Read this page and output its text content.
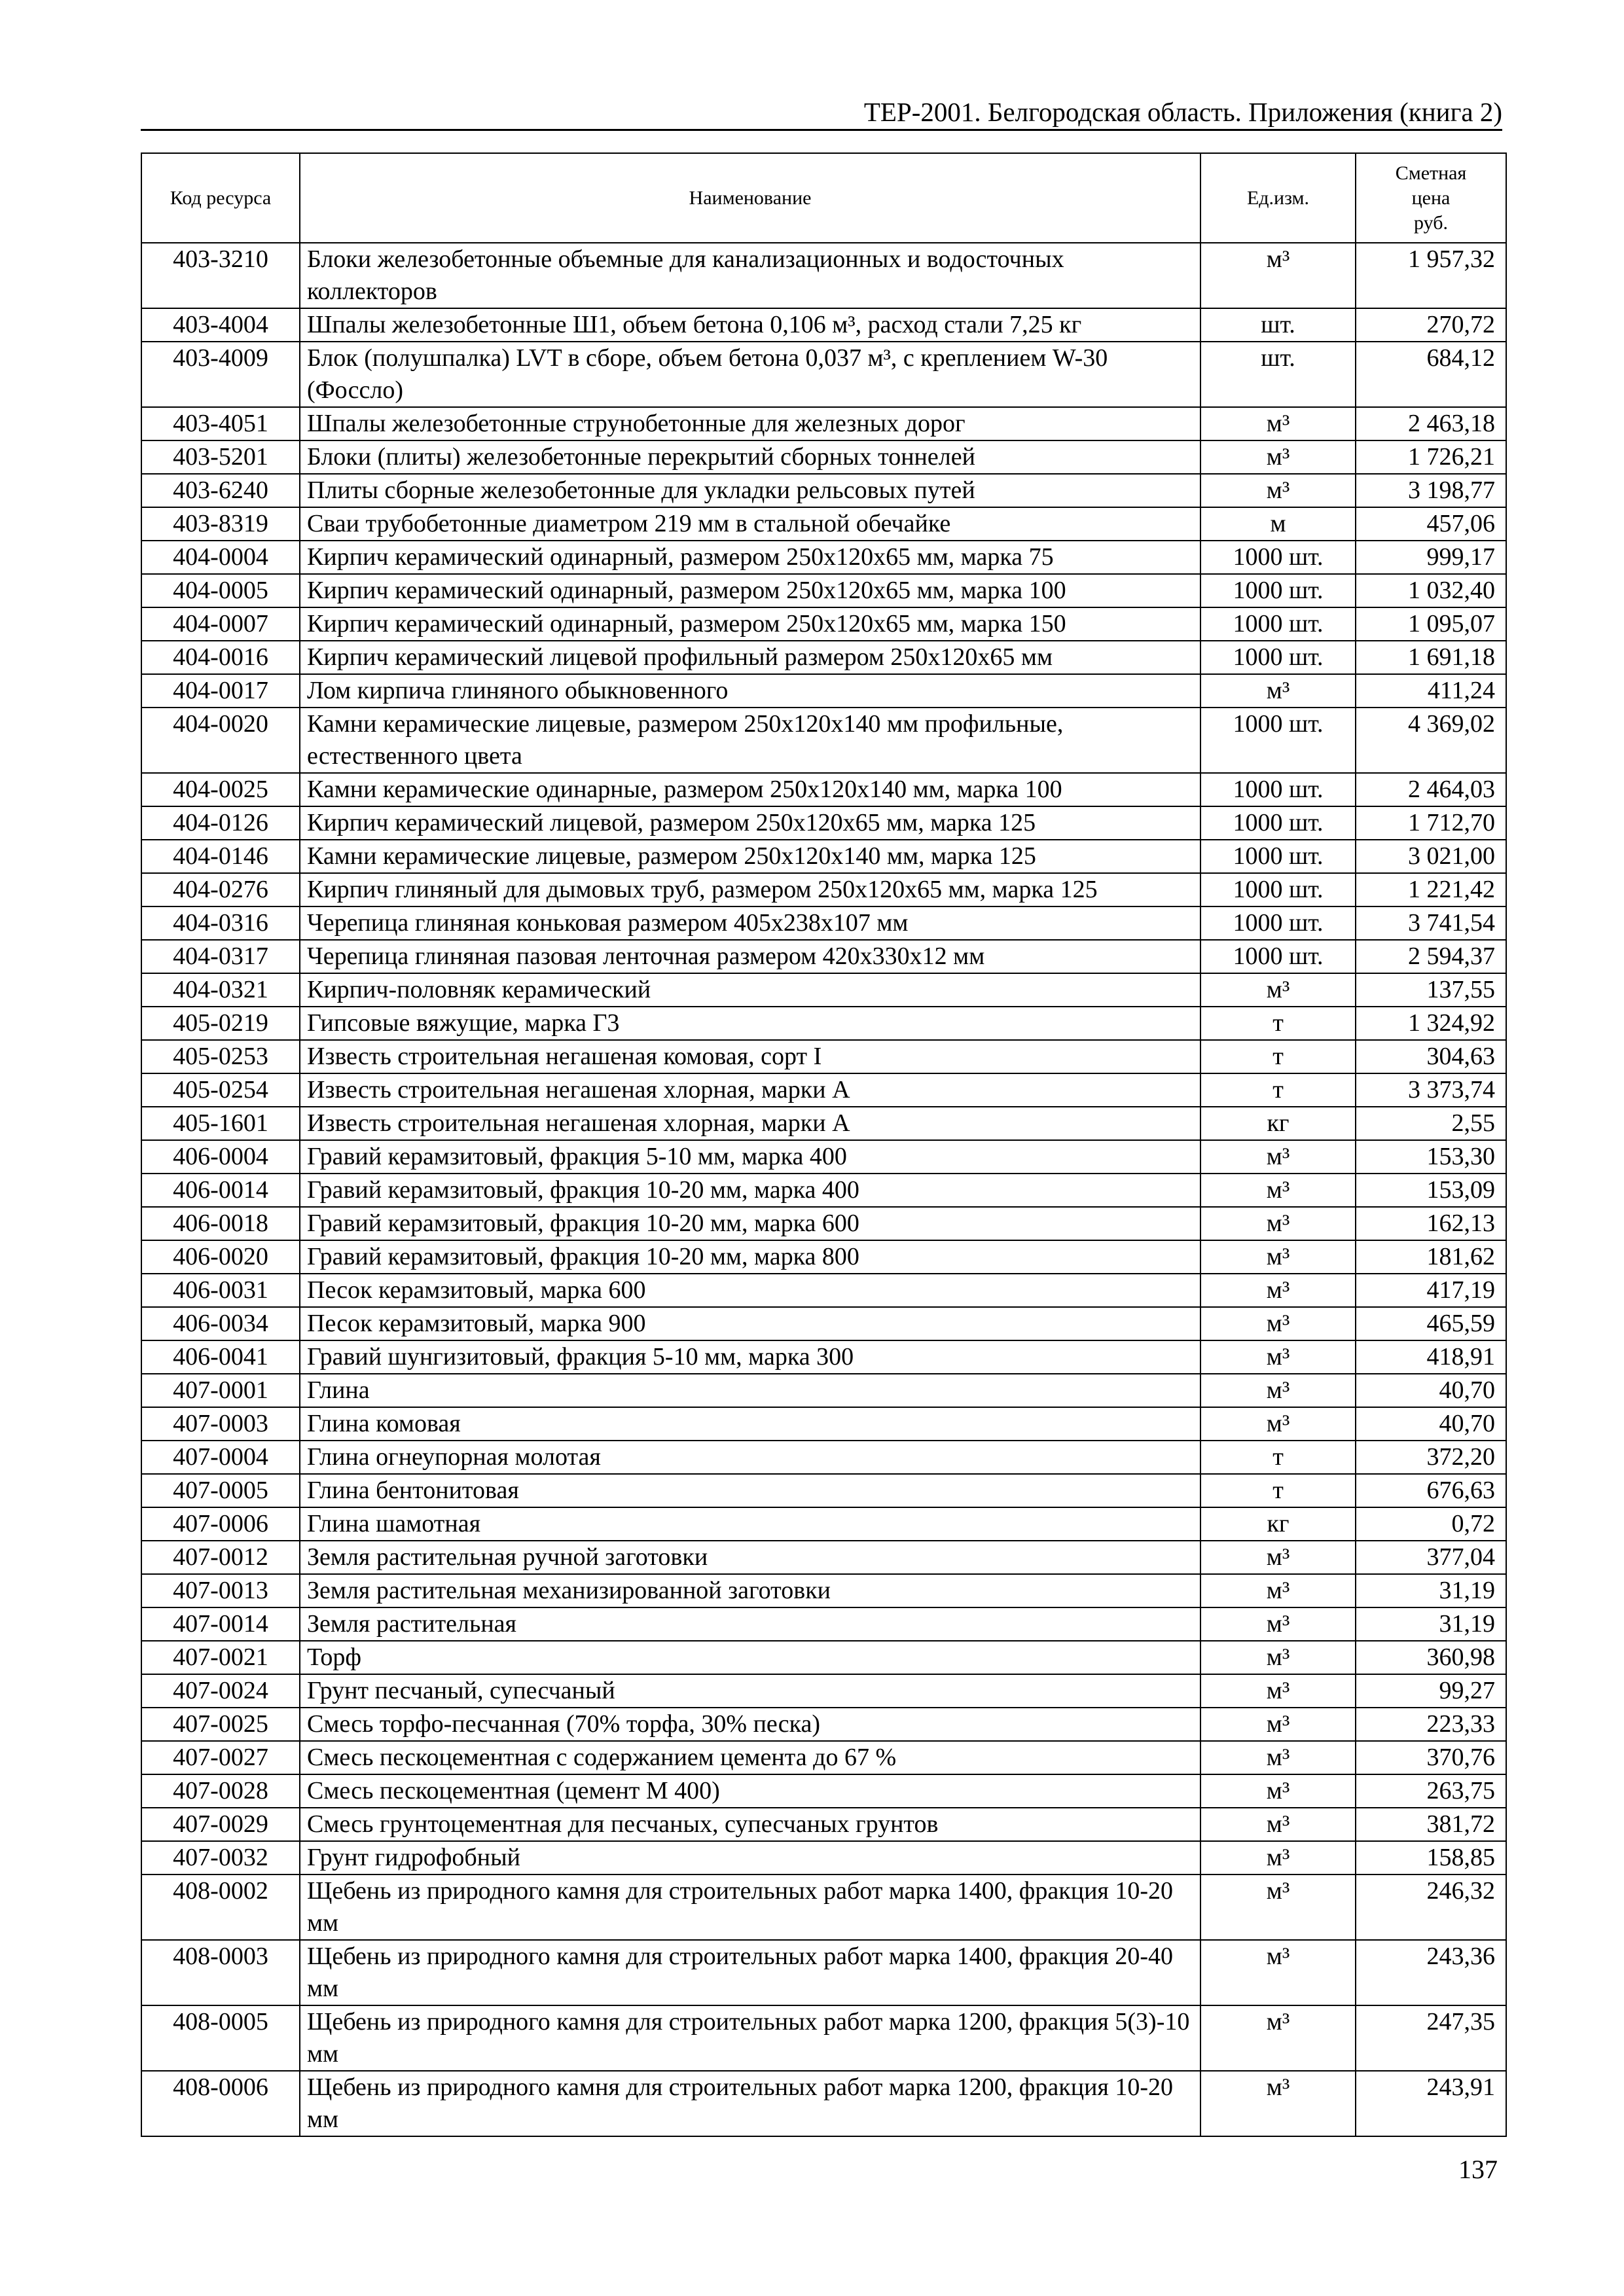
ТЕР-2001. Белгородская область. Приложения (книга 2)
Код ресурса	Наименование	Ед.изм.	Сметная
цена
руб.
403-3210	Блоки железобетонные объемные для канализационных и водосточных коллекторов	м³	1 957,32
403-4004	Шпалы железобетонные Ш1, объем бетона 0,106 м³, расход стали 7,25 кг	шт.	270,72
403-4009	Блок (полушпалка) LVT в сборе, объем бетона 0,037 м³, с креплением W-30 (Фоссло)	шт.	684,12
403-4051	Шпалы железобетонные струнобетонные для железных дорог	м³	2 463,18
403-5201	Блоки (плиты) железобетонные перекрытий сборных тоннелей	м³	1 726,21
403-6240	Плиты сборные железобетонные для укладки рельсовых путей	м³	3 198,77
403-8319	Сваи трубобетонные диаметром 219 мм в стальной обечайке	м	457,06
404-0004	Кирпич керамический одинарный, размером 250х120х65 мм, марка 75	1000 шт.	999,17
404-0005	Кирпич керамический одинарный, размером 250х120х65 мм, марка 100	1000 шт.	1 032,40
404-0007	Кирпич керамический одинарный, размером 250х120х65 мм, марка 150	1000 шт.	1 095,07
404-0016	Кирпич керамический лицевой профильный размером 250х120х65 мм	1000 шт.	1 691,18
404-0017	Лом кирпича глиняного обыкновенного	м³	411,24
404-0020	Камни керамические лицевые, размером 250х120х140 мм профильные, естественного цвета	1000 шт.	4 369,02
404-0025	Камни керамические одинарные, размером 250х120х140 мм, марка 100	1000 шт.	2 464,03
404-0126	Кирпич керамический лицевой, размером 250х120х65 мм, марка 125	1000 шт.	1 712,70
404-0146	Камни керамические лицевые, размером 250х120х140 мм, марка 125	1000 шт.	3 021,00
404-0276	Кирпич глиняный для дымовых труб, размером 250х120х65 мм, марка 125	1000 шт.	1 221,42
404-0316	Черепица глиняная коньковая размером 405х238х107 мм	1000 шт.	3 741,54
404-0317	Черепица глиняная пазовая ленточная размером 420х330х12 мм	1000 шт.	2 594,37
404-0321	Кирпич-половняк керамический	м³	137,55
405-0219	Гипсовые вяжущие, марка Г3	т	1 324,92
405-0253	Известь строительная негашеная комовая, сорт I	т	304,63
405-0254	Известь строительная негашеная хлорная, марки А	т	3 373,74
405-1601	Известь строительная негашеная хлорная, марки А	кг	2,55
406-0004	Гравий керамзитовый, фракция 5-10 мм, марка 400	м³	153,30
406-0014	Гравий керамзитовый, фракция 10-20 мм, марка 400	м³	153,09
406-0018	Гравий керамзитовый, фракция 10-20 мм, марка 600	м³	162,13
406-0020	Гравий керамзитовый, фракция 10-20 мм, марка 800	м³	181,62
406-0031	Песок керамзитовый, марка 600	м³	417,19
406-0034	Песок керамзитовый, марка 900	м³	465,59
406-0041	Гравий шунгизитовый, фракция 5-10 мм, марка 300	м³	418,91
407-0001	Глина	м³	40,70
407-0003	Глина комовая	м³	40,70
407-0004	Глина огнеупорная молотая	т	372,20
407-0005	Глина бентонитовая	т	676,63
407-0006	Глина шамотная	кг	0,72
407-0012	Земля растительная ручной заготовки	м³	377,04
407-0013	Земля растительная механизированной заготовки	м³	31,19
407-0014	Земля растительная	м³	31,19
407-0021	Торф	м³	360,98
407-0024	Грунт песчаный, супесчаный	м³	99,27
407-0025	Смесь торфо-песчанная (70% торфа, 30% песка)	м³	223,33
407-0027	Смесь пескоцементная с содержанием цемента до 67 %	м³	370,76
407-0028	Смесь пескоцементная (цемент М 400)	м³	263,75
407-0029	Смесь грунтоцементная для песчаных, супесчаных грунтов	м³	381,72
407-0032	Грунт гидрофобный	м³	158,85
408-0002	Щебень из природного камня для строительных работ марка 1400, фракция 10-20 мм	м³	246,32
408-0003	Щебень из природного камня для строительных работ марка 1400, фракция 20-40 мм	м³	243,36
408-0005	Щебень из природного камня для строительных работ марка 1200, фракция 5(3)-10 мм	м³	247,35
408-0006	Щебень из природного камня для строительных работ марка 1200, фракция 10-20 мм	м³	243,91
137
